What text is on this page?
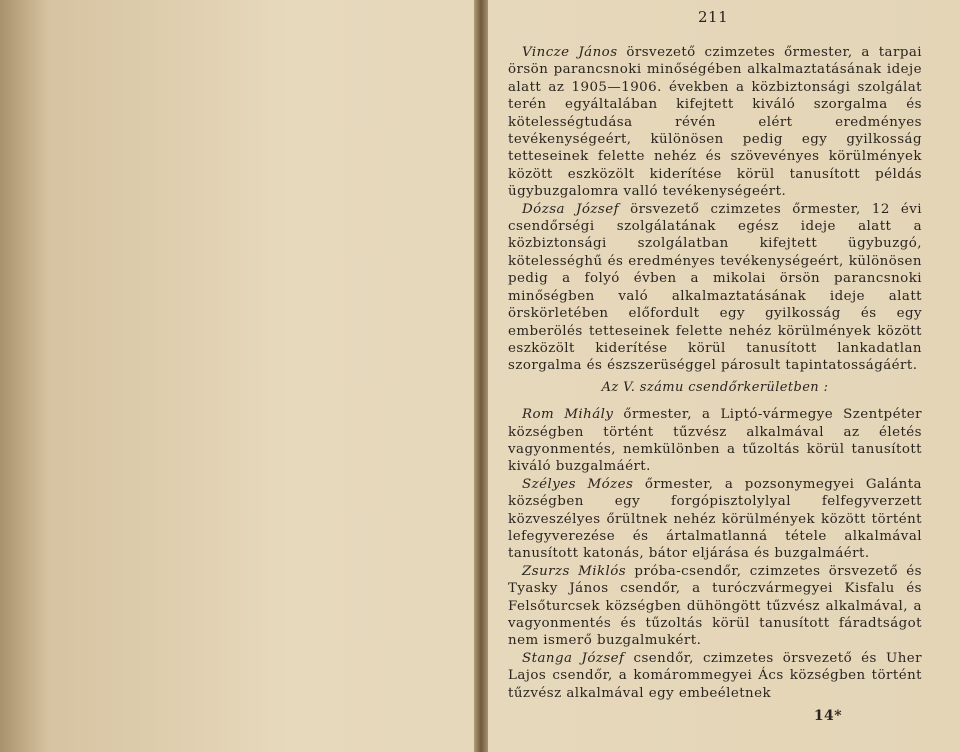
211

Vincze János örsvezető czimzetes őrmester, a tarpai örsön parancsnoki minőségében alkalmaztatásának ideje alatt az 1905—1906. években a közbiztonsági szolgálat terén egyáltalában kifejtett kiváló szorgalma és kötelességtudása révén elért eredményes tevékenységeért, különösen pedig egy gyilkosság tetteseinek felette nehéz és szövevényes körülmények között eszközölt kiderítése körül tanusított példás ügybuzgalomra valló tevékenységeért.

Dózsa József örsvezető czimzetes őrmester, 12 évi csendőrségi szolgálatának egész ideje alatt a közbiztonsági szolgálatban kifejtett ügybuzgó, kötelességhű és eredményes tevékenységeért, különösen pedig a folyó évben a mikolai örsön parancsnoki minőségben való alkalmaztatásának ideje alatt örskörletében előfordult egy gyilkosság és egy emberölés tetteseinek felette nehéz körülmények között eszközölt kiderítése körül tanusított lankadatlan szorgalma és észszerüséggel párosult tapintatosságáért.

Az V. számu csendőrkerületben :

Rom Mihály őrmester, a Liptó-vármegye Szentpéter községben történt tűzvész alkalmával az életés vagyonmentés, nemkülönben a tűzoltás körül tanusított kiváló buzgalmáért.

Szélyes Mózes őrmester, a pozsonymegyei Galánta községben egy forgópisztolylyal felfegyverzett közveszélyes őrültnek nehéz körülmények között történt lefegyverezése és ártalmatlanná tétele alkalmával tanusított katonás, bátor eljárása és buzgalmáért.

Zsurzs Miklós próba-csendőr, czimzetes örsvezető és Tyasky János csendőr, a turóczvármegyei Kisfalu és Felsőturcsek községben dühöngött tűzvész alkalmával, a vagyonmentés és tűzoltás körül tanusított fáradtságot nem ismerő buzgalmukért.

Stanga József csendőr, czimzetes örsvezető és Uher Lajos csendőr, a komárommegyei Ács községben történt tűzvész alkalmával egy embeéletnek

14*
